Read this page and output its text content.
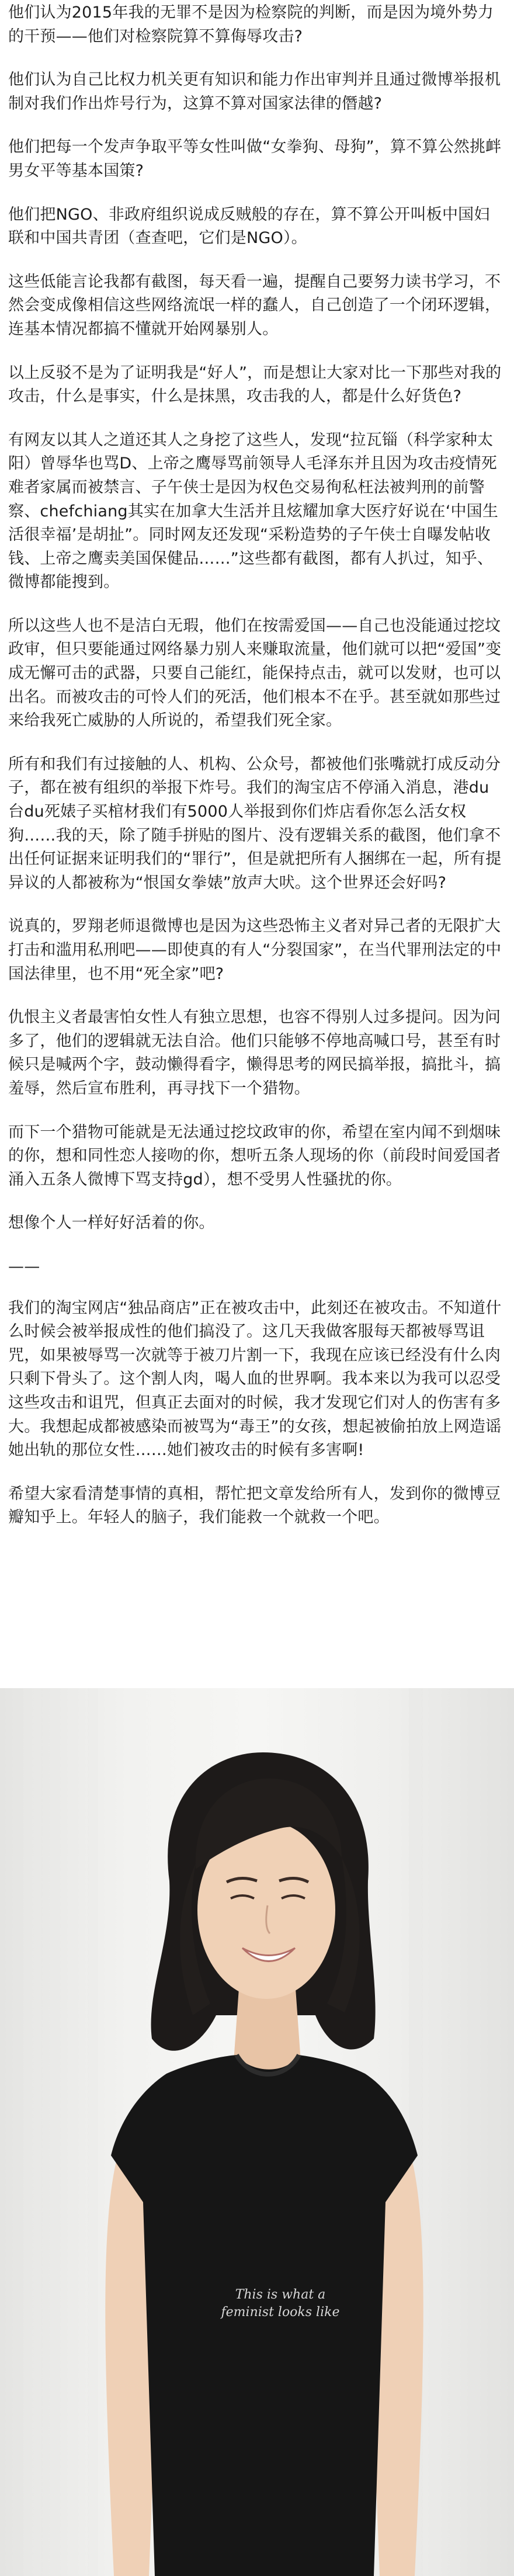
他们认为2015年我的无罪不是因为检察院的判断，而是因为境外势力的干预——他们对检察院算不算侮辱攻击?

他们认为自己比权力机关更有知识和能力作出审判并且通过微博举报机制对我们作出炸号行为，这算不算对国家法律的僭越?

他们把每一个发声争取平等女性叫做“女拳狗、母狗”，算不算公然挑衅男女平等基本国策?

他们把NGO、非政府组织说成反贼般的存在，算不算公开叫板中国妇联和中国共青团（查查吧，它们是NGO）。

这些低能言论我都有截图，每天看一遍，提醒自己要努力读书学习，不然会变成像相信这些网络流氓一样的蠢人，自己创造了一个闭环逻辑，连基本情况都搞不懂就开始网暴别人。

以上反驳不是为了证明我是“好人”，而是想让大家对比一下那些对我的攻击，什么是事实，什么是抹黑，攻击我的人，都是什么好货色?

有网友以其人之道还其人之身挖了这些人，发现“拉瓦锱（科学家种太阳）曾辱华也骂D、上帝之鹰辱骂前领导人毛泽东并且因为攻击疫情死难者家属而被禁言、子午侠士是因为权色交易徇私枉法被判刑的前警察、chefchiang其实在加拿大生活并且炫耀加拿大医疗好说在‘中国生活很幸福’是胡扯”。同时网友还发现“采粉造势的子午侠士自曝发帖收钱、上帝之鹰卖美国保健品……”这些都有截图，都有人扒过，知乎、微博都能搜到。

所以这些人也不是洁白无瑕，他们在按需爱国——自己也没能通过挖坟政审，但只要能通过网络暴力别人来赚取流量，他们就可以把“爱国”变成无懈可击的武器，只要自己能红，能保持点击，就可以发财，也可以出名。而被攻击的可怜人们的死活，他们根本不在乎。甚至就如那些过来给我死亡威胁的人所说的，希望我们死全家。

所有和我们有过接触的人、机构、公众号，都被他们张嘴就打成反动分子，都在被有组织的举报下炸号。我们的淘宝店不停涌入消息，港du台du死婊子买棺材我们有5000人举报到你们炸店看你怎么活女权狗……我的天，除了随手拼贴的图片、没有逻辑关系的截图，他们拿不出任何证据来证明我们的“罪行”，但是就把所有人捆绑在一起，所有提异议的人都被称为“恨国女拳婊”放声大吠。这个世界还会好吗?

说真的，罗翔老师退微博也是因为这些恐怖主义者对异己者的无限扩大打击和滥用私刑吧——即使真的有人“分裂国家”，在当代罪刑法定的中国法律里，也不用“死全家”吧?

仇恨主义者最害怕女性人有独立思想，也容不得别人过多提问。因为问多了，他们的逻辑就无法自洽。他们只能够不停地高喊口号，甚至有时候只是喊两个字，鼓动懒得看字，懒得思考的网民搞举报，搞批斗，搞羞辱，然后宣布胜利，再寻找下一个猎物。

而下一个猎物可能就是无法通过挖坟政审的你，希望在室内闻不到烟味的你，想和同性恋人接吻的你，想听五条人现场的你（前段时间爱国者涌入五条人微博下骂支持gd），想不受男人性骚扰的你。

想像个人一样好好活着的你。

——

我们的淘宝网店“独品商店”正在被攻击中，此刻还在被攻击。不知道什么时候会被举报成性的他们搞没了。这几天我做客服每天都被辱骂诅咒，如果被辱骂一次就等于被刀片割一下，我现在应该已经没有什么肉只剩下骨头了。这个割人肉，喝人血的世界啊。我本来以为我可以忍受这些攻击和诅咒，但真正去面对的时候，我才发现它们对人的伤害有多大。我想起成都被感染而被骂为“毒王”的女孩，想起被偷拍放上网造谣她出轨的那位女性……她们被攻击的时候有多害啊!

希望大家看清楚事情的真相，帮忙把文章发给所有人，发到你的微博豆瓣知乎上。年轻人的脑子，我们能救一个就救一个吧。

This is what a
feminist looks like
